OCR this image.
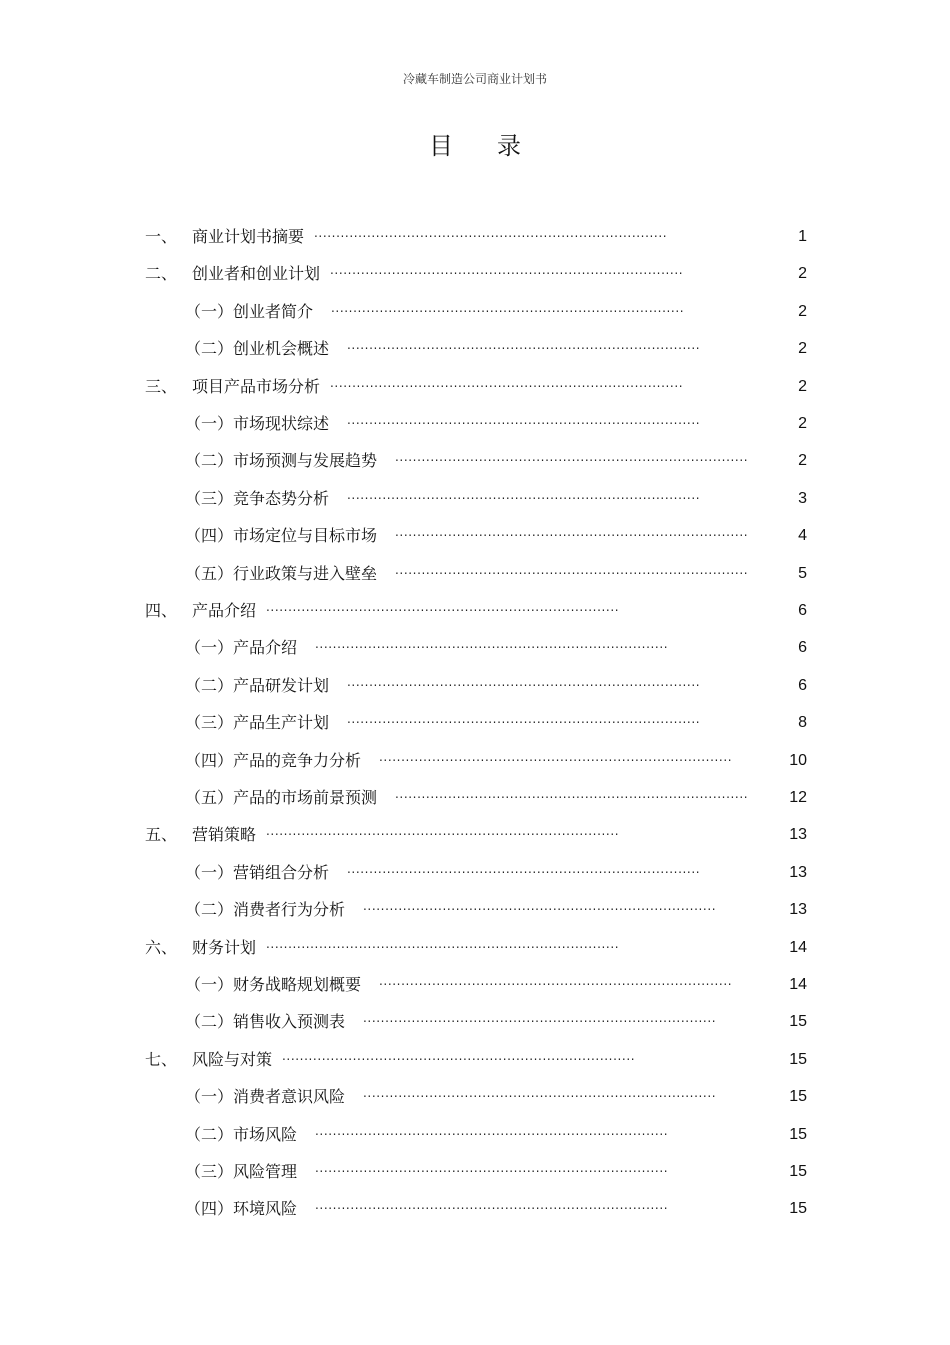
冷藏车制造公司商业计划书
目录
一、 商业计划书摘要 ................................................................................	1
二、 创业者和创业计划 ................................................................................	2
（一）创业者简介 ................................................................................	2
（二）创业机会概述 ................................................................................	2
三、 项目产品市场分析 ................................................................................	2
（一）市场现状综述 ................................................................................	2
（二）市场预测与发展趋势 ................................................................................	2
（三）竞争态势分析 ................................................................................	3
（四）市场定位与目标市场 ................................................................................	4
（五）行业政策与进入壁垒 ................................................................................	5
四、 产品介绍 ................................................................................	6
（一）产品介绍 ................................................................................	6
（二）产品研发计划 ................................................................................	6
（三）产品生产计划 ................................................................................	8
（四）产品的竞争力分析 ................................................................................	10
（五）产品的市场前景预测 ................................................................................	12
五、 营销策略 ................................................................................	13
（一）营销组合分析 ................................................................................	13
（二）消费者行为分析 ................................................................................	13
六、 财务计划 ................................................................................	14
（一）财务战略规划概要 ................................................................................	14
（二）销售收入预测表 ................................................................................	15
七、 风险与对策 ................................................................................	15
（一）消费者意识风险 ................................................................................	15
（二）市场风险 ................................................................................	15
（三）风险管理 ................................................................................	15
（四）环境风险 ................................................................................	15
